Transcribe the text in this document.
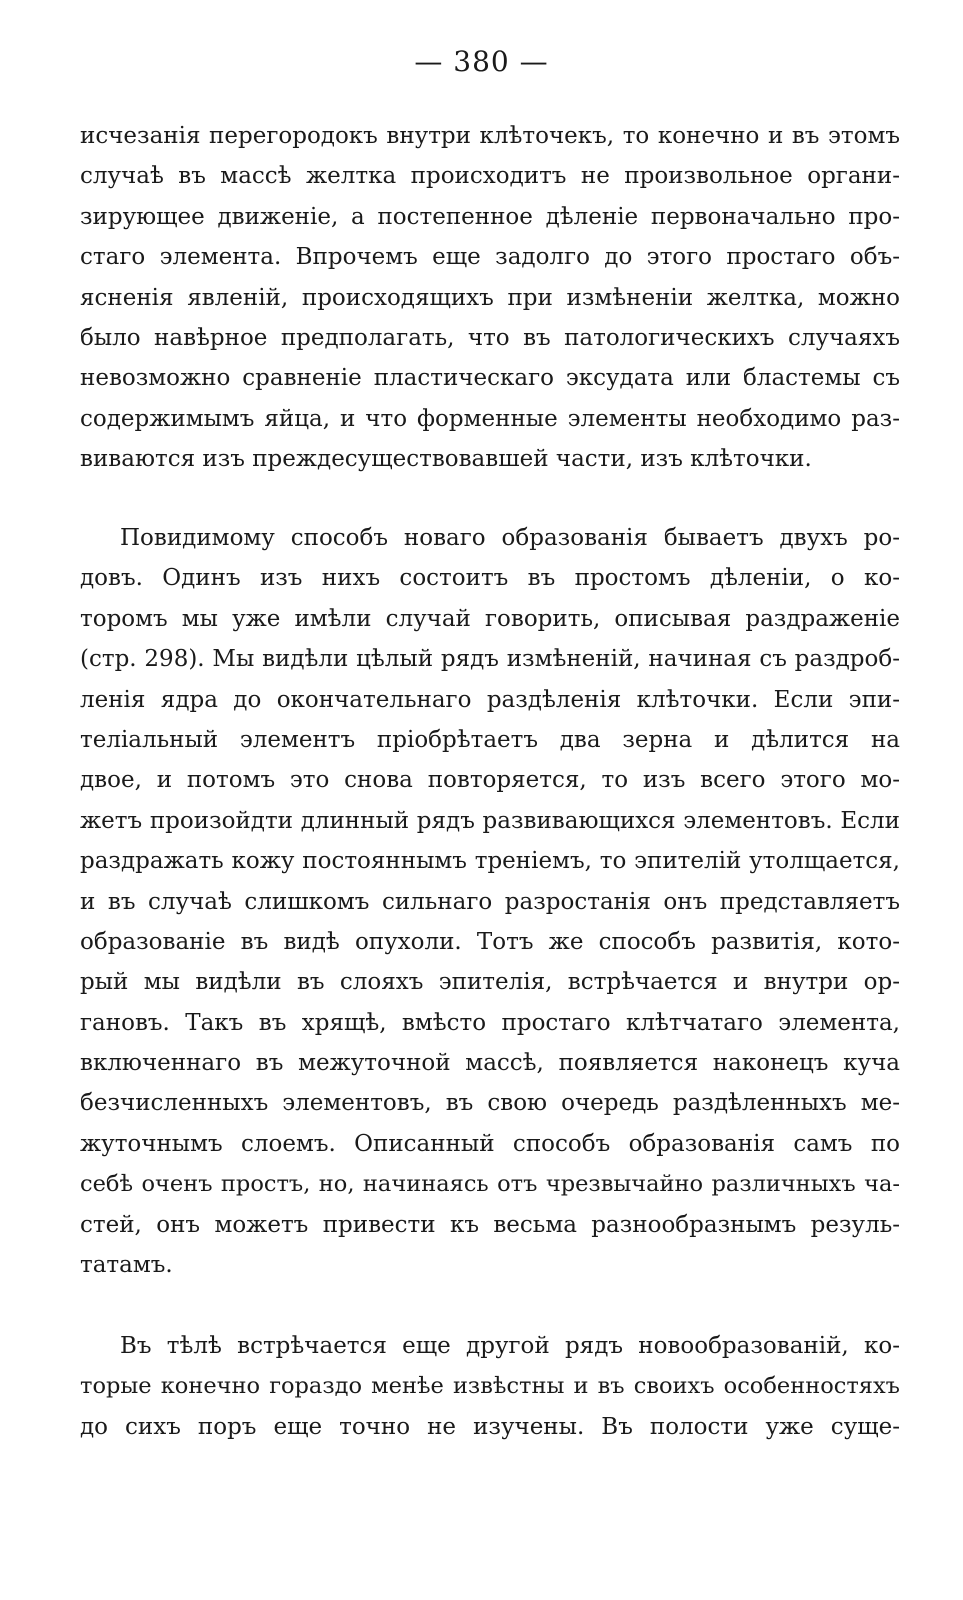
— 380 —
исчезанія перегородокъ внутри клѣточекъ, то конечно и въ этомъ
случаѣ въ массѣ желтка происходитъ не произвольное органи-
зирующее движеніе, а постепенное дѣленіе первоначально про-
стаго элемента. Впрочемъ еще задолго до этого простаго объ-
ясненія явленій, происходящихъ при измѣненіи желтка, можно
было навѣрное предполагать, что въ патологическихъ случаяхъ
невозможно сравненіе пластическаго эксудата или бластемы съ
содержимымъ яйца, и что форменные элементы необходимо раз-
виваются изъ преждесуществовавшей части, изъ клѣточки.
Повидимому способъ новаго образованія бываетъ двухъ ро-
довъ. Одинъ изъ нихъ состоитъ въ простомъ дѣленіи, о ко-
торомъ мы уже имѣли случай говорить, описывая раздраженіе
(стр. 298). Мы видѣли цѣлый рядъ измѣненій, начиная съ раздроб-
ленія ядра до окончательнаго раздѣленія клѣточки. Если эпи-
теліальный элементъ пріобрѣтаетъ два зерна и дѣлится на
двое, и потомъ это снова повторяется, то изъ всего этого мо-
жетъ произойдти длинный рядъ развивающихся элементовъ. Если
раздражать кожу постояннымъ треніемъ, то эпителій утолщается,
и въ случаѣ слишкомъ сильнаго разростанія онъ представляетъ
образованіе въ видѣ опухоли. Тотъ же способъ развитія, кото-
рый мы видѣли въ слояхъ эпителія, встрѣчается и внутри ор-
гановъ. Такъ въ хрящѣ, вмѣсто простаго клѣтчатаго элемента,
включеннаго въ межуточной массѣ, появляется наконецъ куча
безчисленныхъ элементовъ, въ свою очередь раздѣленныхъ ме-
жуточнымъ слоемъ. Описанный способъ образованія самъ по
себѣ оченъ простъ, но, начинаясь отъ чрезвычайно различныхъ ча-
стей, онъ можетъ привести къ весьма разнообразнымъ резуль-
татамъ.
Въ тѣлѣ встрѣчается еще другой рядъ новообразованій, ко-
торые конечно гораздо менѣе извѣстны и въ своихъ особенностяхъ
до сихъ поръ еще точно не изучены. Въ полости уже суще-
